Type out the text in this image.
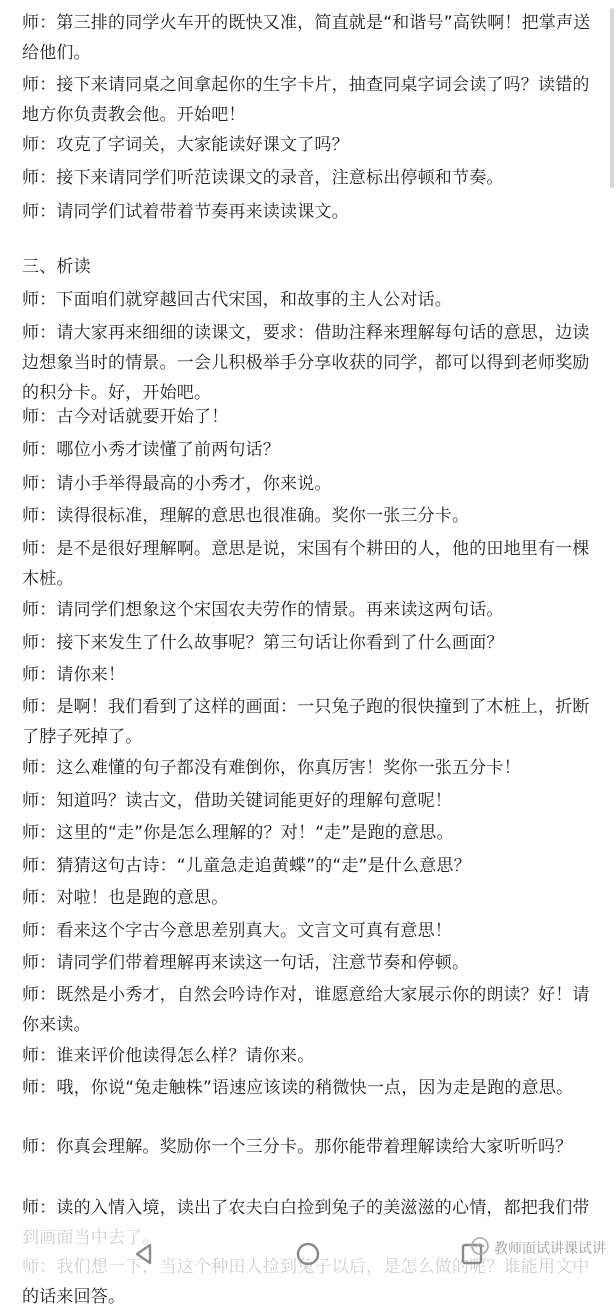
师：第三排的同学火车开的既快又准，简直就是“和谐号”高铁啊！把掌声送给他们。
师：接下来请同桌之间拿起你的生字卡片，抽查同桌字词会读了吗？读错的地方你负责教会他。开始吧！
师：攻克了字词关，大家能读好课文了吗？
师：接下来请同学们听范读课文的录音，注意标出停顿和节奏。
师：请同学们试着带着节奏再来读读课文。
三、析读
师：下面咱们就穿越回古代宋国，和故事的主人公对话。
师：请大家再来细细的读课文，要求：借助注释来理解每句话的意思，边读边想象当时的情景。一会儿积极举手分享收获的同学，都可以得到老师奖励的积分卡。好，开始吧。
师：古今对话就要开始了！
师：哪位小秀才读懂了前两句话？
师：请小手举得最高的小秀才，你来说。
师：读得很标准，理解的意思也很准确。奖你一张三分卡。
师：是不是很好理解啊。意思是说，宋国有个耕田的人，他的田地里有一棵木桩。
师：请同学们想象这个宋国农夫劳作的情景。再来读这两句话。
师：接下来发生了什么故事呢？第三句话让你看到了什么画面？
师：请你来！
师：是啊！我们看到了这样的画面：一只兔子跑的很快撞到了木桩上，折断了脖子死掉了。
师：这么难懂的句子都没有难倒你，你真厉害！奖你一张五分卡！
师：知道吗？读古文，借助关键词能更好的理解句意呢！
师：这里的“走”你是怎么理解的？对！“走”是跑的意思。
师：猜猜这句古诗：“儿童急走追黄蝶”的“走”是什么意思？
师：对啦！也是跑的意思。
师：看来这个字古今意思差别真大。文言文可真有意思！
师：请同学们带着理解再来读这一句话，注意节奏和停顿。
师：既然是小秀才，自然会吟诗作对，谁愿意给大家展示你的朗读？好！请你来读。
师：谁来评价他读得怎么样？请你来。
师：哦，你说“兔走触株”语速应该读的稍微快一点，因为走是跑的意思。
师：你真会理解。奖励你一个三分卡。那你能带着理解读给大家听听吗？
师：读的入情入境，读出了农夫白白捡到兔子的美滋滋的心情，都把我们带
的话来回答。
教师面试讲课试讲
